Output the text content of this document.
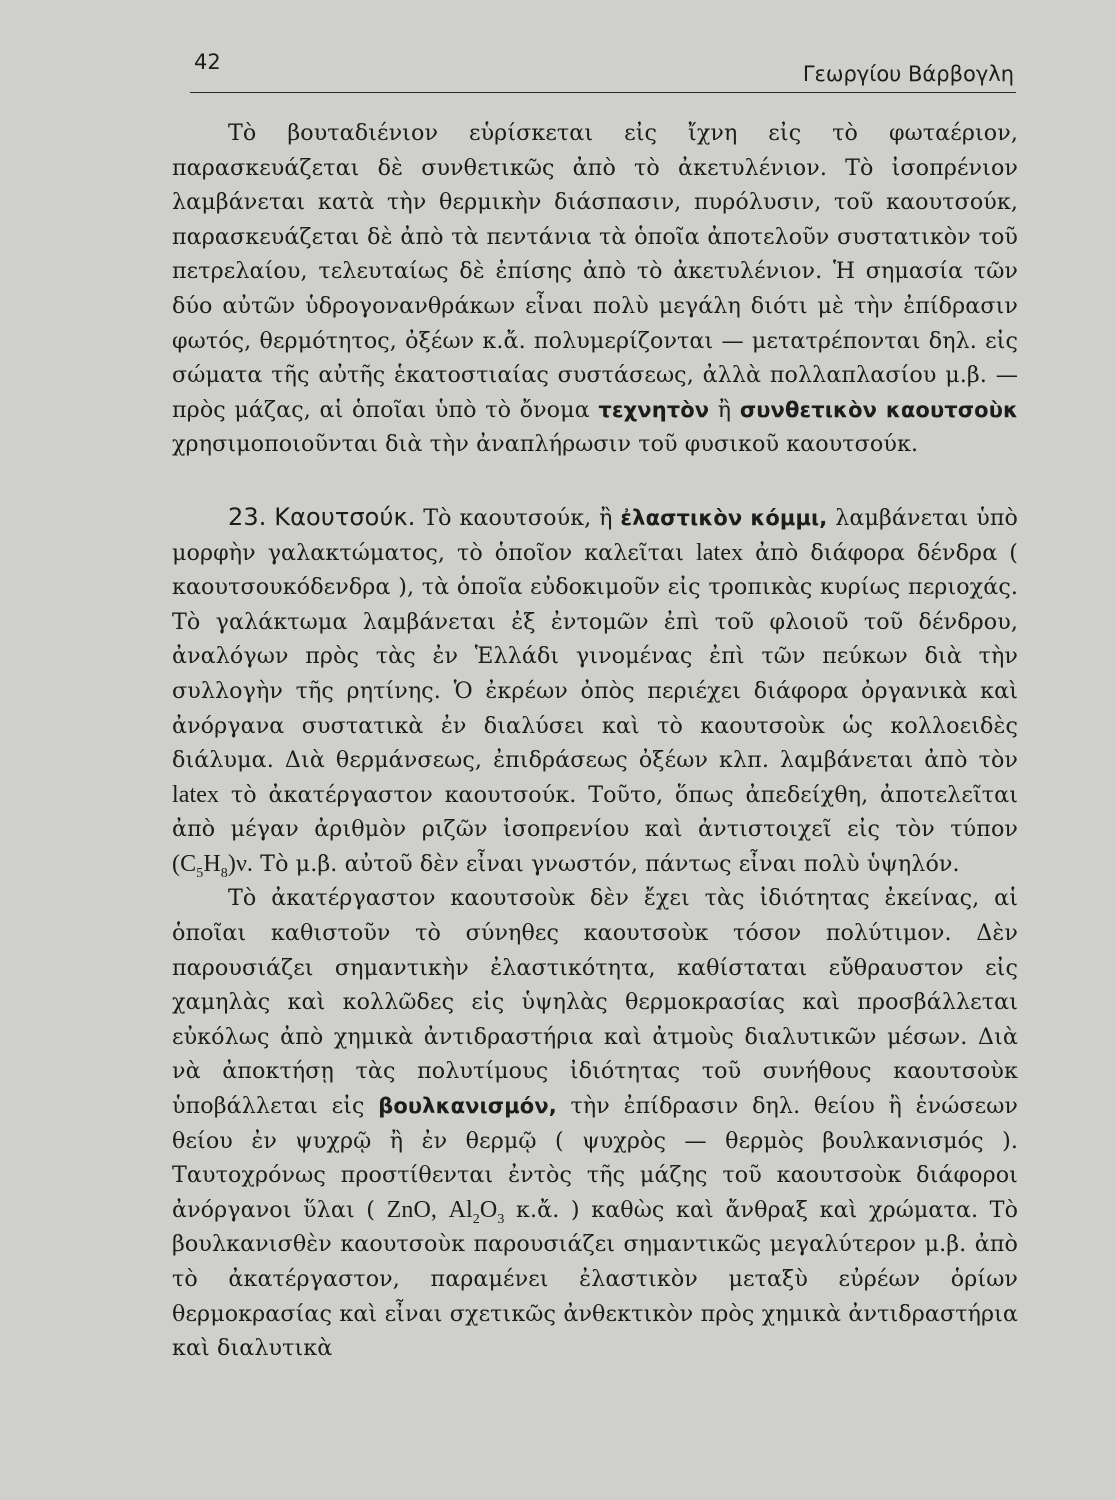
42	Γεωργίου Βάρβογλη

Τὸ βουταδιένιον εὑρίσκεται εἰς ἴχνη εἰς τὸ φωταέριον, παρασκευάζεται δὲ συνθετικῶς ἀπὸ τὸ ἀκετυλένιον. Τὸ ἰσοπρένιον λαμβάνεται κατὰ τὴν θερμικὴν διάσπασιν, πυρόλυσιν, τοῦ καουτσούκ, παρασκευάζεται δὲ ἀπὸ τὰ πεντάνια τὰ ὁποῖα ἀποτελοῦν συστατικὸν τοῦ πετρελαίου, τελευταίως δὲ ἐπίσης ἀπὸ τὸ ἀκετυλένιον. Ἡ σημασία τῶν δύο αὐτῶν ὑδρογονανθράκων εἶναι πολὺ μεγάλη διότι μὲ τὴν ἐπίδρασιν φωτός, θερμότητος, ὀξέων κ.ἄ. πολυμερίζονται — μετατρέπονται δηλ. εἰς σώματα τῆς αὐτῆς ἑκατοστιαίας συστάσεως, ἀλλὰ πολλαπλασίου μ.β. — πρὸς μάζας, αἱ ὁποῖαι ὑπὸ τὸ ὄνομα τεχνητὸν ἢ συνθετικὸν καουτσοὺκ χρησιμοποιοῦνται διὰ τὴν ἀναπλήρωσιν τοῦ φυσικοῦ καουτσούκ.

23. Καουτσούκ. Τὸ καουτσούκ, ἢ ἐλαστικὸν κόμμι, λαμβάνεται ὑπὸ μορφὴν γαλακτώματος, τὸ ὁποῖον καλεῖται latex ἀπὸ διάφορα δένδρα ( καουτσουκόδενδρα ), τὰ ὁποῖα εὐδοκιμοῦν εἰς τροπικὰς κυρίως περιοχάς. Τὸ γαλάκτωμα λαμβάνεται ἐξ ἐντομῶν ἐπὶ τοῦ φλοιοῦ τοῦ δένδρου, ἀναλόγων πρὸς τὰς ἐν Ἑλλάδι γινομένας ἐπὶ τῶν πεύκων διὰ τὴν συλλογὴν τῆς ρητίνης. Ὁ ἐκρέων ὀπὸς περιέχει διάφορα ὀργανικὰ καὶ ἀνόργανα συστατικὰ ἐν διαλύσει καὶ τὸ καουτσοὺκ ὡς κολλοειδὲς διάλυμα. Διὰ θερμάνσεως, ἐπιδράσεως ὀξέων κλπ. λαμβάνεται ἀπὸ τὸν latex τὸ ἀκατέργαστον καουτσούκ. Τοῦτο, ὅπως ἀπεδείχθη, ἀποτελεῖται ἀπὸ μέγαν ἀριθμὸν ριζῶν ἰσοπρενίου καὶ ἀντιστοιχεῖ εἰς τὸν τύπον $(C_5H_8)\nu$. Τὸ μ.β. αὐτοῦ δὲν εἶναι γνωστόν, πάντως εἶναι πολὺ ὑψηλόν.

Τὸ ἀκατέργαστον καουτσοὺκ δὲν ἔχει τὰς ἰδιότητας ἐκείνας, αἱ ὁποῖαι καθιστοῦν τὸ σύνηθες καουτσοὺκ τόσον πολύτιμον. Δὲν παρουσιάζει σημαντικὴν ἐλαστικότητα, καθίσταται εὔθραυστον εἰς χαμηλὰς καὶ κολλῶδες εἰς ὑψηλὰς θερμοκρασίας καὶ προσβάλλεται εὐκόλως ἀπὸ χημικὰ ἀντιδραστήρια καὶ ἀτμοὺς διαλυτικῶν μέσων. Διὰ νὰ ἀποκτήσῃ τὰς πολυτίμους ἰδιότητας τοῦ συνήθους καουτσοὺκ ὑποβάλλεται εἰς βουλκανισμόν, τὴν ἐπίδρασιν δηλ. θείου ἢ ἑνώσεων θείου ἐν ψυχρῷ ἢ ἐν θερμῷ ( ψυχρὸς — θερμὸς βουλκανισμός ). Ταυτοχρόνως προστίθενται ἐντὸς τῆς μάζης τοῦ καουτσοὺκ διάφοροι ἀνόργανοι ὕλαι ( ZnO, $Al_2O_3$ κ.ἄ. ) καθὼς καὶ ἄνθραξ καὶ χρώματα. Τὸ βουλκανισθὲν καουτσοὺκ παρουσιάζει σημαντικῶς μεγαλύτερον μ.β. ἀπὸ τὸ ἀκατέργαστον, παραμένει ἐλαστικὸν μεταξὺ εὐρέων ὁρίων θερμοκρασίας καὶ εἶναι σχετικῶς ἀνθεκτικὸν πρὸς χημικὰ ἀντιδραστήρια καὶ διαλυτικὰ
